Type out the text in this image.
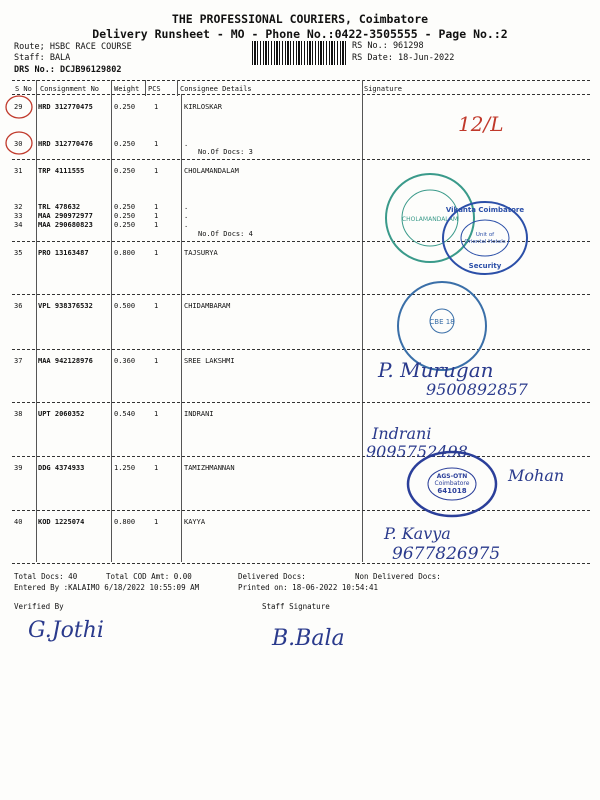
THE PROFESSIONAL COURIERS, Coimbatore
Delivery Runsheet - MO - Phone No.:0422-3505555 - Page No.:2
Route; HSBC RACE COURSE
Staff: BALA
DRS No.: DCJB96129802
RS No.: 961298
RS Date: 18-Jun-2022
S No Consignment No Weight PCS	Consignee Details	Signature
29 HRD 312770475	0.250	1	KIRLOSKAR
30 HRD 312770476	0.250	1	.
No.Of Docs: 3
31 TRP 4111555	0.250	1	CHOLAMANDALAM
32 TRL 478632	0.250	1	.
33 MAA 290972977	0.250	1	.
34 MAA 290680823	0.250	1	.
No.Of Docs: 4
35 PRO 13163487	0.800	1	TAJSURYA
36 VPL 938376532	0.500	1	CHIDAMBARAM
37 MAA 942128976	0.360	1	SREE LAKSHMI
38 UPT 2060352	0.540	1	INDRANI
39 DDG 4374933	1.250	1	TAMIZHMANNAN
40 KOD 1225074	0.800	1	KAYYA
CHOLAMANDALAM
Vikanta Coimbatore
Unit of
Oriental Hotels
Security
CBE 18
AGS-OTN
Coimbatore
641018
12/L
P. Murugan
9500892857
Indrani
9095752498
Mohan
P. Kavya
9677826975
Total Docs: 40	Total COD Amt: 0.00	Delivered Docs:	Non Delivered Docs:
Entered By :KALAIMO 6/18/2022 10:55:09 AM	Printed on: 18-06-2022 10:54:41
Verified By	Staff Signature
G.Jothi	B.Bala
